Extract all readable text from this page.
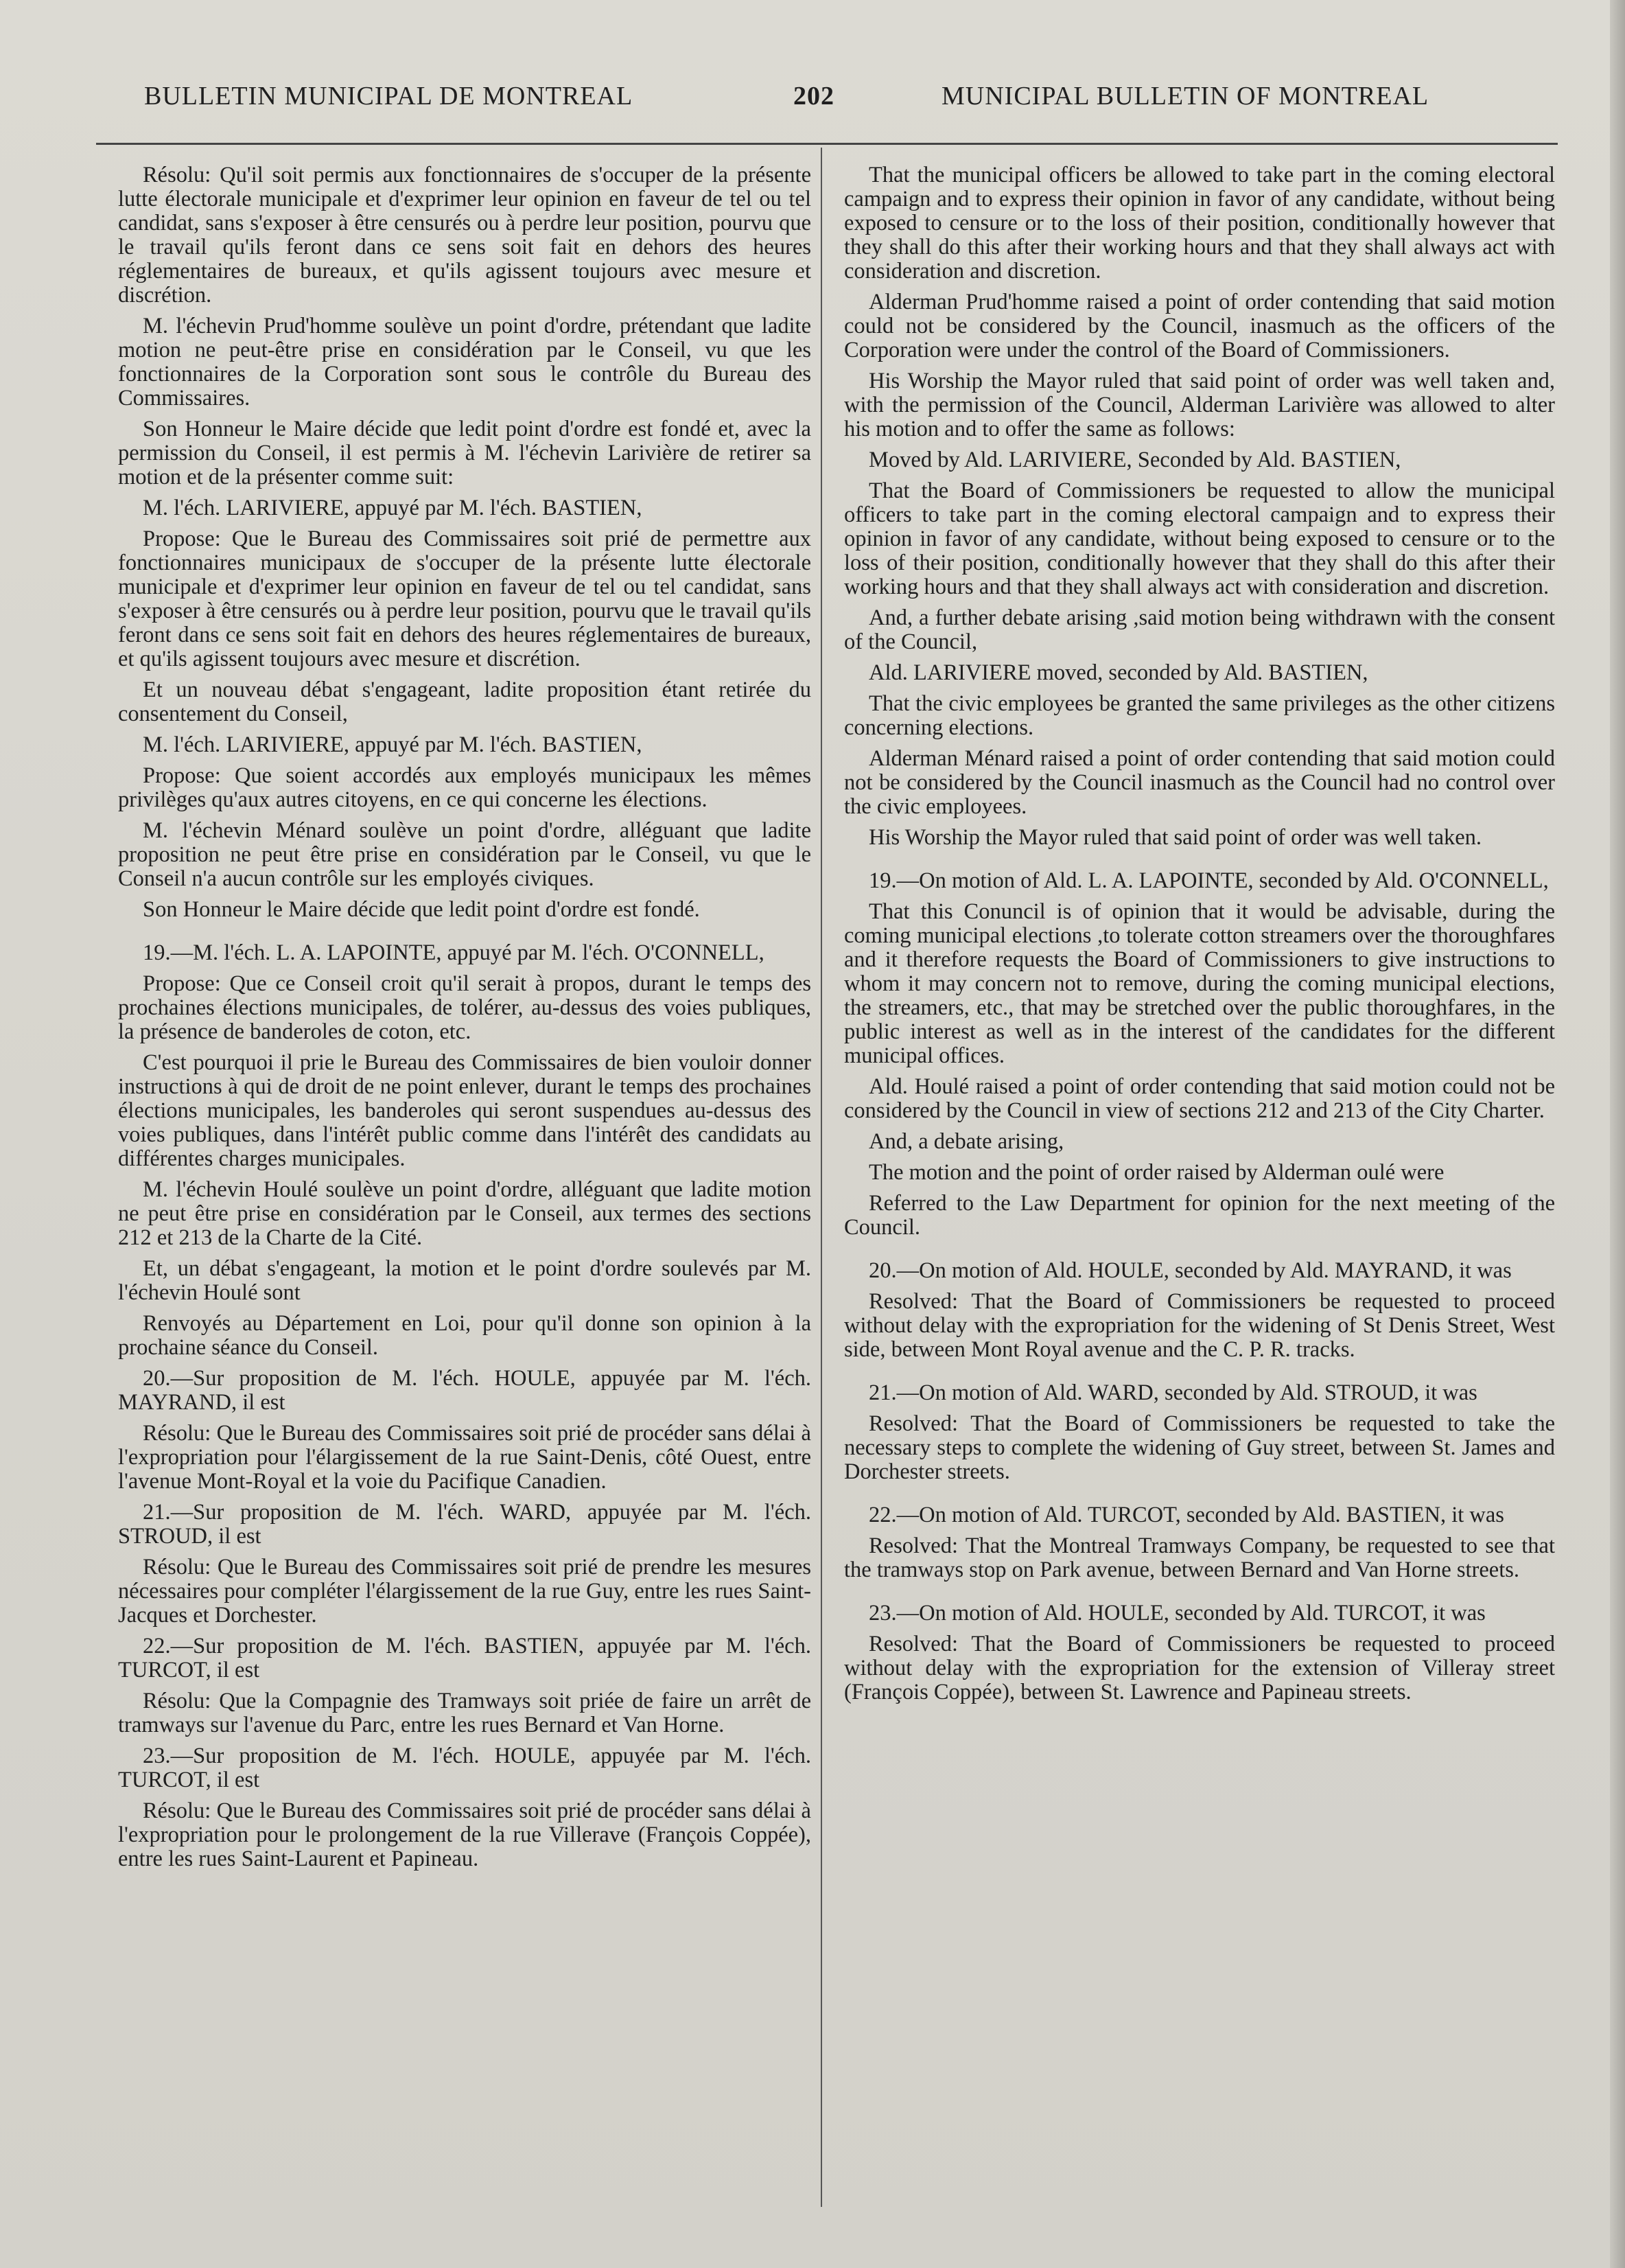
BULLETIN MUNICIPAL DE MONTREAL	202	MUNICIPAL BULLETIN OF MONTREAL

Résolu: Qu'il soit permis aux fonctionnaires de s'occuper de la présente lutte électorale municipale et d'exprimer leur opinion en faveur de tel ou tel candidat, sans s'exposer à être censurés ou à perdre leur position, pourvu que le travail qu'ils feront dans ce sens soit fait en dehors des heures réglementaires de bureaux, et qu'ils agissent toujours avec mesure et discrétion.

M. l'échevin Prud'homme soulève un point d'ordre, prétendant que ladite motion ne peut-être prise en considération par le Conseil, vu que les fonctionnaires de la Corporation sont sous le contrôle du Bureau des Commissaires.

Son Honneur le Maire décide que ledit point d'ordre est fondé et, avec la permission du Conseil, il est permis à M. l'échevin Larivière de retirer sa motion et de la présenter comme suit:

M. l'éch. LARIVIERE, appuyé par M. l'éch. BASTIEN,

Propose: Que le Bureau des Commissaires soit prié de permettre aux fonctionnaires municipaux de s'occuper de la présente lutte électorale municipale et d'exprimer leur opinion en faveur de tel ou tel candidat, sans s'exposer à être censurés ou à perdre leur position, pourvu que le travail qu'ils feront dans ce sens soit fait en dehors des heures réglementaires de bureaux, et qu'ils agissent toujours avec mesure et discrétion.

Et un nouveau débat s'engageant, ladite proposition étant retirée du consentement du Conseil,

M. l'éch. LARIVIERE, appuyé par M. l'éch. BASTIEN,

Propose: Que soient accordés aux employés municipaux les mêmes privilèges qu'aux autres citoyens, en ce qui concerne les élections.

M. l'échevin Ménard soulève un point d'ordre, alléguant que ladite proposition ne peut être prise en considération par le Conseil, vu que le Conseil n'a aucun contrôle sur les employés civiques.

Son Honneur le Maire décide que ledit point d'ordre est fondé.

19.—M. l'éch. L. A. LAPOINTE, appuyé par M. l'éch. O'CONNELL,

Propose: Que ce Conseil croit qu'il serait à propos, durant le temps des prochaines élections municipales, de tolérer, au-dessus des voies publiques, la présence de banderoles de coton, etc.

C'est pourquoi il prie le Bureau des Commissaires de bien vouloir donner instructions à qui de droit de ne point enlever, durant le temps des prochaines élections municipales, les banderoles qui seront suspendues au-dessus des voies publiques, dans l'intérêt public comme dans l'intérêt des candidats au différentes charges municipales.

M. l'échevin Houlé soulève un point d'ordre, alléguant que ladite motion ne peut être prise en considération par le Conseil, aux termes des sections 212 et 213 de la Charte de la Cité.

Et, un débat s'engageant, la motion et le point d'ordre soulevés par M. l'échevin Houlé sont

Renvoyés au Département en Loi, pour qu'il donne son opinion à la prochaine séance du Conseil.

20.—Sur proposition de M. l'éch. HOULE, appuyée par M. l'éch. MAYRAND, il est

Résolu: Que le Bureau des Commissaires soit prié de procéder sans délai à l'expropriation pour l'élargissement de la rue Saint-Denis, côté Ouest, entre l'avenue Mont-Royal et la voie du Pacifique Canadien.

21.—Sur proposition de M. l'éch. WARD, appuyée par M. l'éch. STROUD, il est

Résolu: Que le Bureau des Commissaires soit prié de prendre les mesures nécessaires pour compléter l'élargissement de la rue Guy, entre les rues Saint-Jacques et Dorchester.

22.—Sur proposition de M. l'éch. BASTIEN, appuyée par M. l'éch. TURCOT, il est

Résolu: Que la Compagnie des Tramways soit priée de faire un arrêt de tramways sur l'avenue du Parc, entre les rues Bernard et Van Horne.

23.—Sur proposition de M. l'éch. HOULE, appuyée par M. l'éch. TURCOT, il est

Résolu: Que le Bureau des Commissaires soit prié de procéder sans délai à l'expropriation pour le prolongement de la rue Villerave (François Coppée), entre les rues Saint-Laurent et Papineau.

That the municipal officers be allowed to take part in the coming electoral campaign and to express their opinion in favor of any candidate, without being exposed to censure or to the loss of their position, conditionally however that they shall do this after their working hours and that they shall always act with consideration and discretion.

Alderman Prud'homme raised a point of order contending that said motion could not be considered by the Council, inasmuch as the officers of the Corporation were under the control of the Board of Commissioners.

His Worship the Mayor ruled that said point of order was well taken and, with the permission of the Council, Alderman Larivière was allowed to alter his motion and to offer the same as follows:

Moved by Ald. LARIVIERE, Seconded by Ald. BASTIEN,

That the Board of Commissioners be requested to allow the municipal officers to take part in the coming electoral campaign and to express their opinion in favor of any candidate, without being exposed to censure or to the loss of their position, conditionally however that they shall do this after their working hours and that they shall always act with consideration and discretion.

And, a further debate arising ,said motion being withdrawn with the consent of the Council,

Ald. LARIVIERE moved, seconded by Ald. BASTIEN,

That the civic employees be granted the same privileges as the other citizens concerning elections.

Alderman Ménard raised a point of order contending that said motion could not be considered by the Council inasmuch as the Council had no control over the civic employees.

His Worship the Mayor ruled that said point of order was well taken.

19.—On motion of Ald. L. A. LAPOINTE, seconded by Ald. O'CONNELL,

That this Conuncil is of opinion that it would be advisable, during the coming municipal elections ,to tolerate cotton streamers over the thoroughfares and it therefore requests the Board of Commissioners to give instructions to whom it may concern not to remove, during the coming municipal elections, the streamers, etc., that may be stretched over the public thoroughfares, in the public interest as well as in the interest of the candidates for the different municipal offices.

Ald. Houlé raised a point of order contending that said motion could not be considered by the Council in view of sections 212 and 213 of the City Charter.

And, a debate arising,

The motion and the point of order raised by Alderman oulé were

Referred to the Law Department for opinion for the next meeting of the Council.

20.—On motion of Ald. HOULE, seconded by Ald. MAYRAND, it was

Resolved: That the Board of Commissioners be requested to proceed without delay with the expropriation for the widening of St Denis Street, West side, between Mont Royal avenue and the C. P. R. tracks.

21.—On motion of Ald. WARD, seconded by Ald. STROUD, it was

Resolved: That the Board of Commissioners be requested to take the necessary steps to complete the widening of Guy street, between St. James and Dorchester streets.

22.—On motion of Ald. TURCOT, seconded by Ald. BASTIEN, it was

Resolved: That the Montreal Tramways Company, be requested to see that the tramways stop on Park avenue, between Bernard and Van Horne streets.

23.—On motion of Ald. HOULE, seconded by Ald. TURCOT, it was

Resolved: That the Board of Commissioners be requested to proceed without delay with the expropriation for the extension of Villeray street (François Coppée), between St. Lawrence and Papineau streets.
